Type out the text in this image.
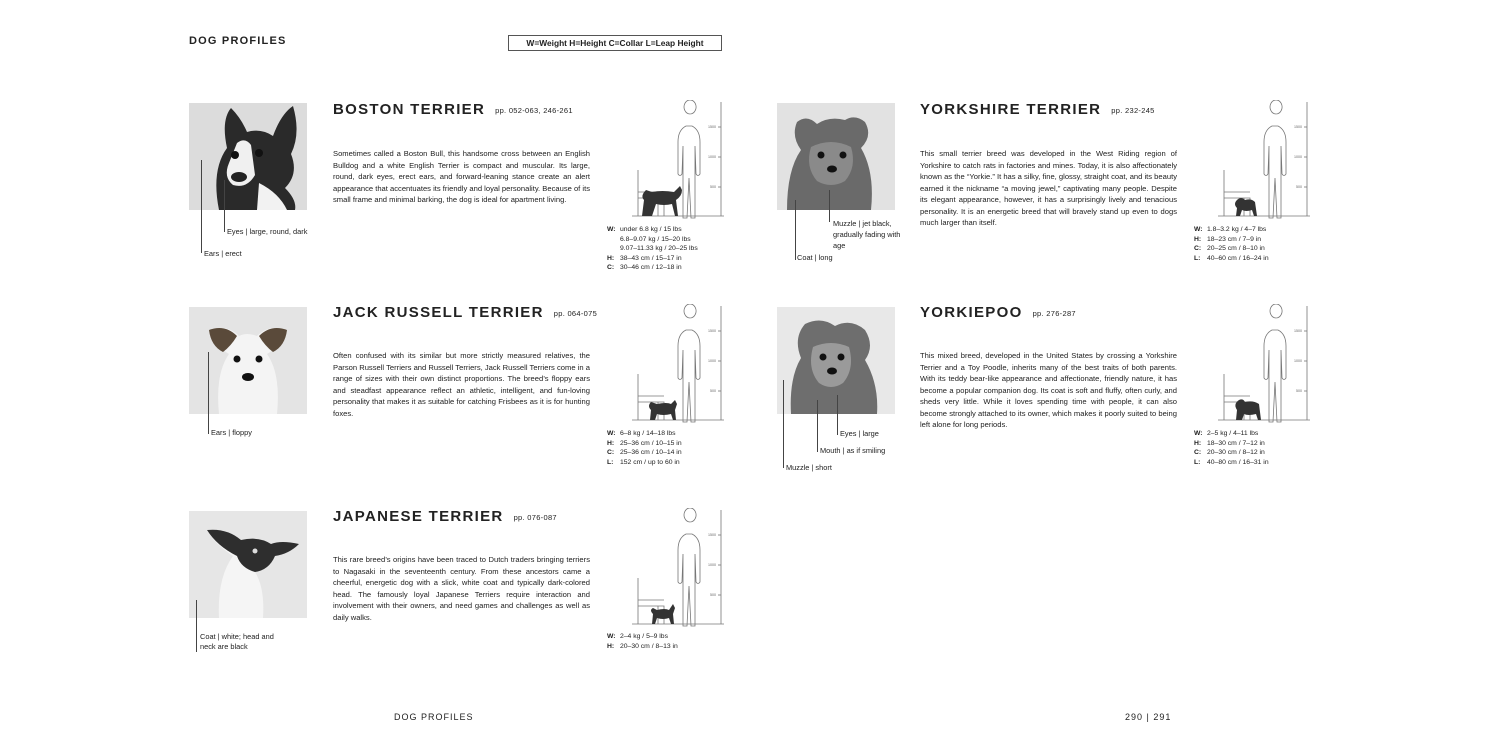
DOG PROFILES	W=Weight H=Height C=Collar L=Leap Height
Eyes | large, round, dark
Ears | erect
BOSTON TERRIER pp. 052-063, 246-261
Sometimes called a Boston Bull, this handsome cross between an English Bulldog and a white English Terrier is compact and muscular. Its large, round, dark eyes, erect ears, and forward-leaning stance create an alert appearance that accentuates its friendly and loyal personality. Because of its small frame and minimal barking, the dog is ideal for apartment living.
1500
1000
500
W: under 6.8 kg / 15 lbs
6.8–9.07 kg / 15–20 lbs
9.07–11.33 kg / 20–25 lbs
H: 38–43 cm / 15–17 in
C: 30–46 cm / 12–18 in
Muzzle | jet black, gradually fading with age
Coat | long
YORKSHIRE TERRIER pp. 232-245
This small terrier breed was developed in the West Riding region of Yorkshire to catch rats in factories and mines. Today, it is also affectionately known as the “Yorkie.” It has a silky, fine, glossy, straight coat, and its beauty earned it the nickname “a moving jewel,” captivating many people. Despite its elegant appearance, however, it has a surprisingly lively and tenacious personality. It is an energetic breed that will bravely stand up even to dogs much larger than itself.
1500
1000
500
W: 1.8–3.2 kg / 4–7 lbs
H: 18–23 cm / 7–9 in
C: 20–25 cm / 8–10 in
L: 40–60 cm / 16–24 in
Ears | floppy
JACK RUSSELL TERRIER pp. 064-075
Often confused with its similar but more strictly measured relatives, the Parson Russell Terriers and Russell Terriers, Jack Russell Terriers come in a range of sizes with their own distinct proportions. The breed’s floppy ears and steadfast appearance reflect an athletic, intelligent, and fun-loving personality that makes it as suitable for catching Frisbees as it is for hunting foxes.
1500
1000
500
W: 6–8 kg / 14–18 lbs
H: 25–36 cm / 10–15 in
C: 25–36 cm / 10–14 in
L: 152 cm / up to 60 in
Eyes | large
Mouth | as if smiling
Muzzle | short
YORKIEPOO pp. 276-287
This mixed breed, developed in the United States by crossing a Yorkshire Terrier and a Toy Poodle, inherits many of the best traits of both parents. With its teddy bear-like appearance and affectionate, friendly nature, it has become a popular companion dog. Its coat is soft and fluffy, often curly, and sheds very little. While it loves spending time with people, it can also become strongly attached to its owner, which makes it poorly suited to being left alone for long periods.
1500
1000
500
W: 2–5 kg / 4–11 lbs
H: 18–30 cm / 7–12 in
C: 20–30 cm / 8–12 in
L: 40–80 cm / 16–31 in
Coat | white; head and neck are black
JAPANESE TERRIER pp. 076-087
This rare breed’s origins have been traced to Dutch traders bringing terriers to Nagasaki in the seventeenth century. From these ancestors came a cheerful, energetic dog with a slick, white coat and typically dark-colored head. The famously loyal Japanese Terriers require interaction and involvement with their owners, and need games and challenges as well as daily walks.
1500
1000
500
W: 2–4 kg / 5–9 lbs
H: 20–30 cm / 8–13 in
DOG PROFILES	290 | 291
